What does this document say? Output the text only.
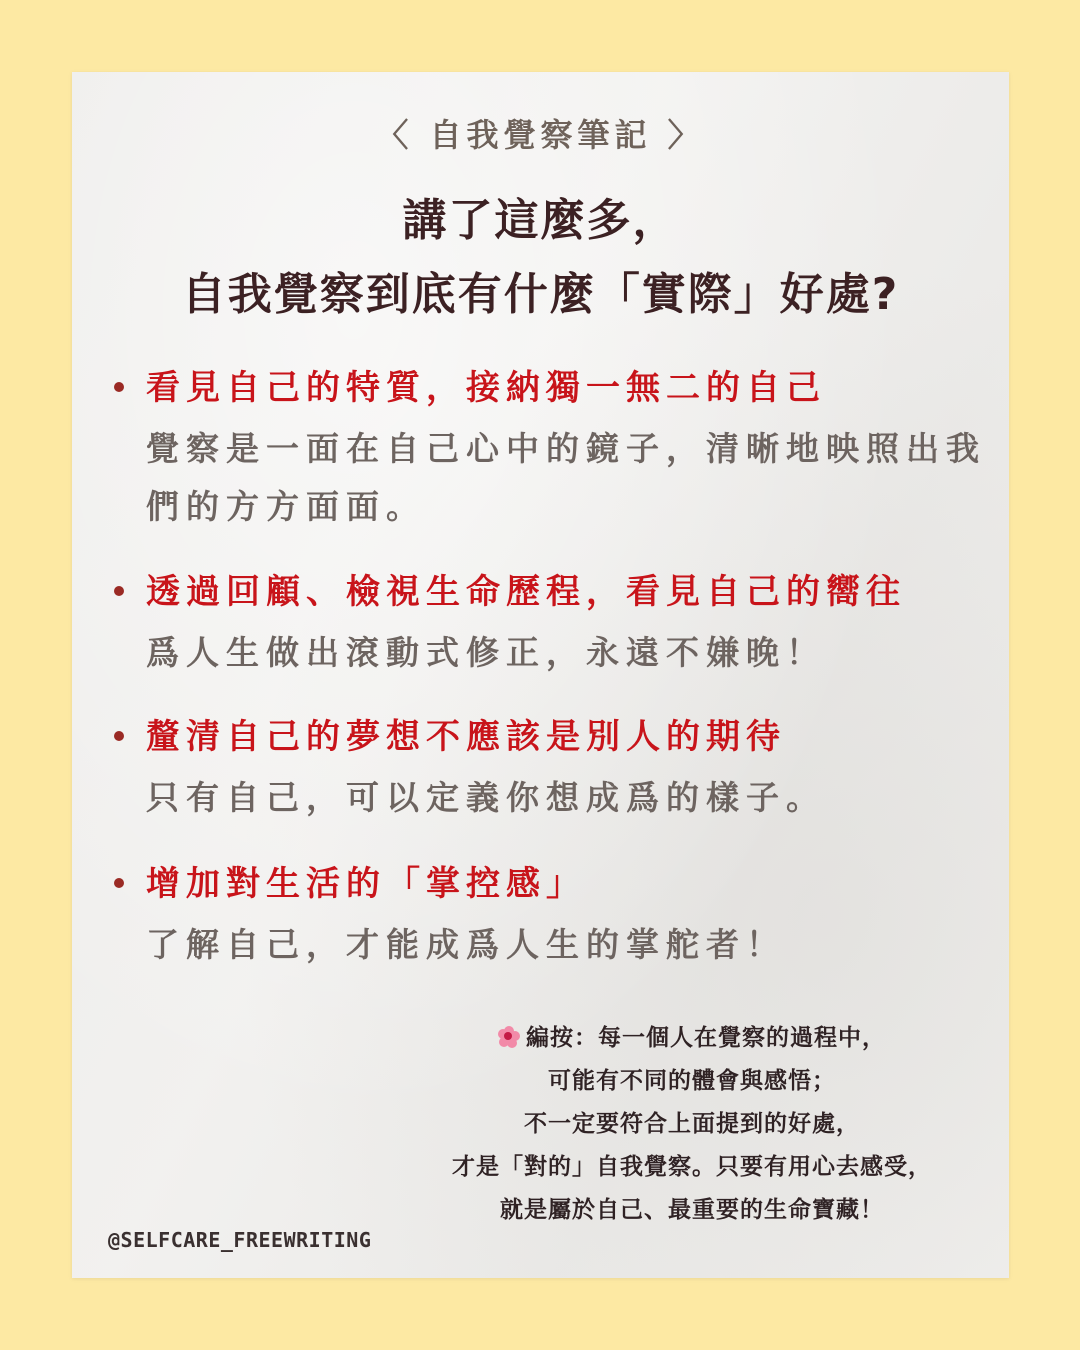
〈 自我覺察筆記 〉
講了這麼多，
自我覺察到底有什麼「實際」好處?
看見自己的特質，接納獨一無二的自己
覺察是一面在自己心中的鏡子，清晰地映照出我們的方方面面。
透過回顧、檢視生命歷程，看見自己的嚮往
爲人生做出滾動式修正，永遠不嫌晚！
釐清自己的夢想不應該是別人的期待
只有自己，可以定義你想成爲的樣子。
增加對生活的「掌控感」
了解自己，才能成爲人生的掌舵者！
編按：每一個人在覺察的過程中，
可能有不同的體會與感悟；
不一定要符合上面提到的好處，
才是「對的」自我覺察。只要有用心去感受，
就是屬於自己、最重要的生命寶藏！
@SELFCARE_FREEWRITING
